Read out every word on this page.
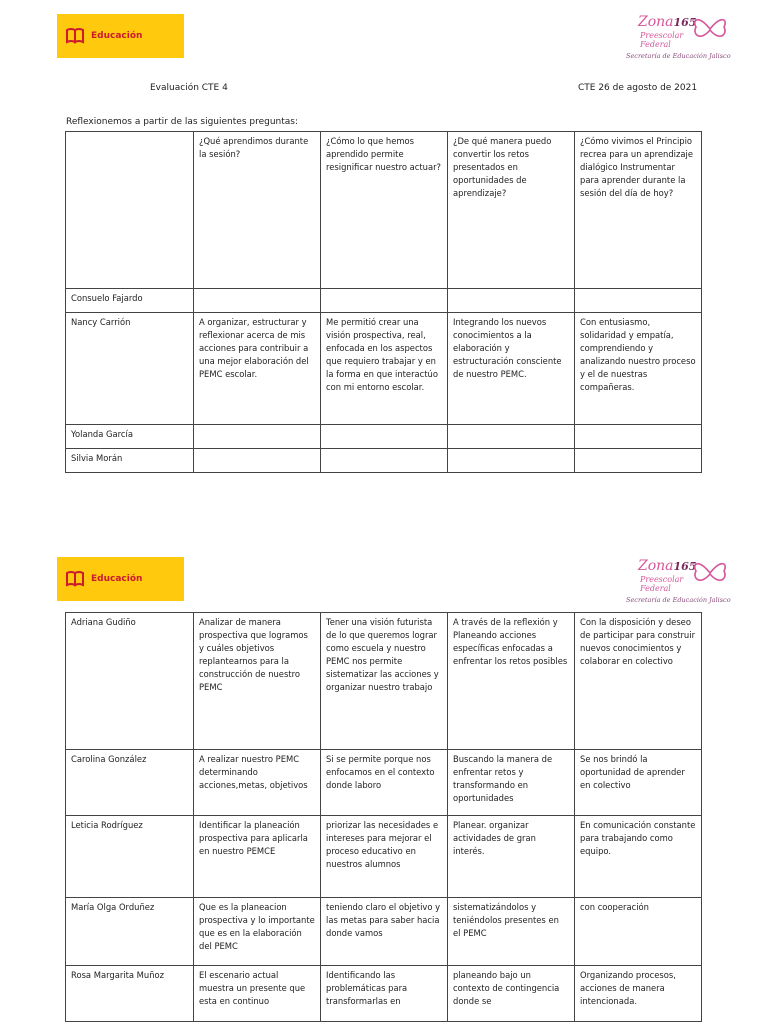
Educación
Zona165
Preescolar
Federal
Secretaría de Educación Jalisco
Evaluación CTE 4	CTE 26 de agosto de 2021
Reflexionemos a partir de las siguientes preguntas:
	¿Qué aprendimos durante la sesión?	¿Cómo lo que hemos aprendido permite resignificar nuestro actuar?	¿De qué manera puedo convertir los retos presentados en oportunidades de aprendizaje?	¿Cómo vivimos el Principio recrea para un aprendizaje dialógico Instrumentar para aprender durante la sesión del día de hoy?
Consuelo Fajardo				
Nancy Carrión	A organizar, estructurar y reflexionar acerca de mis acciones para contribuir a una mejor elaboración del PEMC escolar.	Me permitió crear una visión prospectiva, real, enfocada en los aspectos que requiero trabajar y en la forma en que interactúo con mi entorno escolar.	Integrando los nuevos conocimientos a la elaboración y estructuración consciente de nuestro PEMC.	Con entusiasmo, solidaridad y empatía, comprendiendo y analizando nuestro proceso y el de nuestras compañeras.
Yolanda García				
Silvia Morán				
Educación
Zona165
Preescolar
Federal
Secretaría de Educación Jalisco
Adriana Gudiño	Analizar de manera prospectiva que logramos y cuáles objetivos replantearnos para la construcción de nuestro PEMC	Tener una visión futurista de lo que queremos lograr como escuela y nuestro PEMC nos permite sistematizar las acciones y organizar nuestro trabajo	A través de la reflexión y Planeando acciones específicas enfocadas a enfrentar los retos posibles	Con la disposición y deseo de participar para construir nuevos conocimientos y colaborar en colectivo
Carolina González	A realizar nuestro PEMC determinando acciones,metas, objetivos	Si se permite porque nos enfocamos en el contexto donde laboro	Buscando la manera de enfrentar retos y transformando en oportunidades	Se nos brindó la oportunidad de aprender en colectivo
Leticia Rodríguez	Identificar la planeación prospectiva para aplicarla en nuestro PEMCE	priorizar las necesidades e intereses para mejorar el proceso educativo en nuestros alumnos	Planear. organizar actividades de gran interés.	En comunicación constante para trabajando como equipo.
María Olga Orduñez	Que es la planeacion prospectiva y lo importante que es en la elaboración del PEMC	teniendo claro el objetivo y las metas para saber hacia donde vamos	sistematizándolos y teniéndolos presentes en el PEMC	con cooperación
Rosa Margarita Muñoz	El escenario actual muestra un presente que esta en continuo	Identificando las problemáticas para transformarlas en	planeando bajo un contexto de contingencia donde se	Organizando procesos, acciones de manera intencionada.
